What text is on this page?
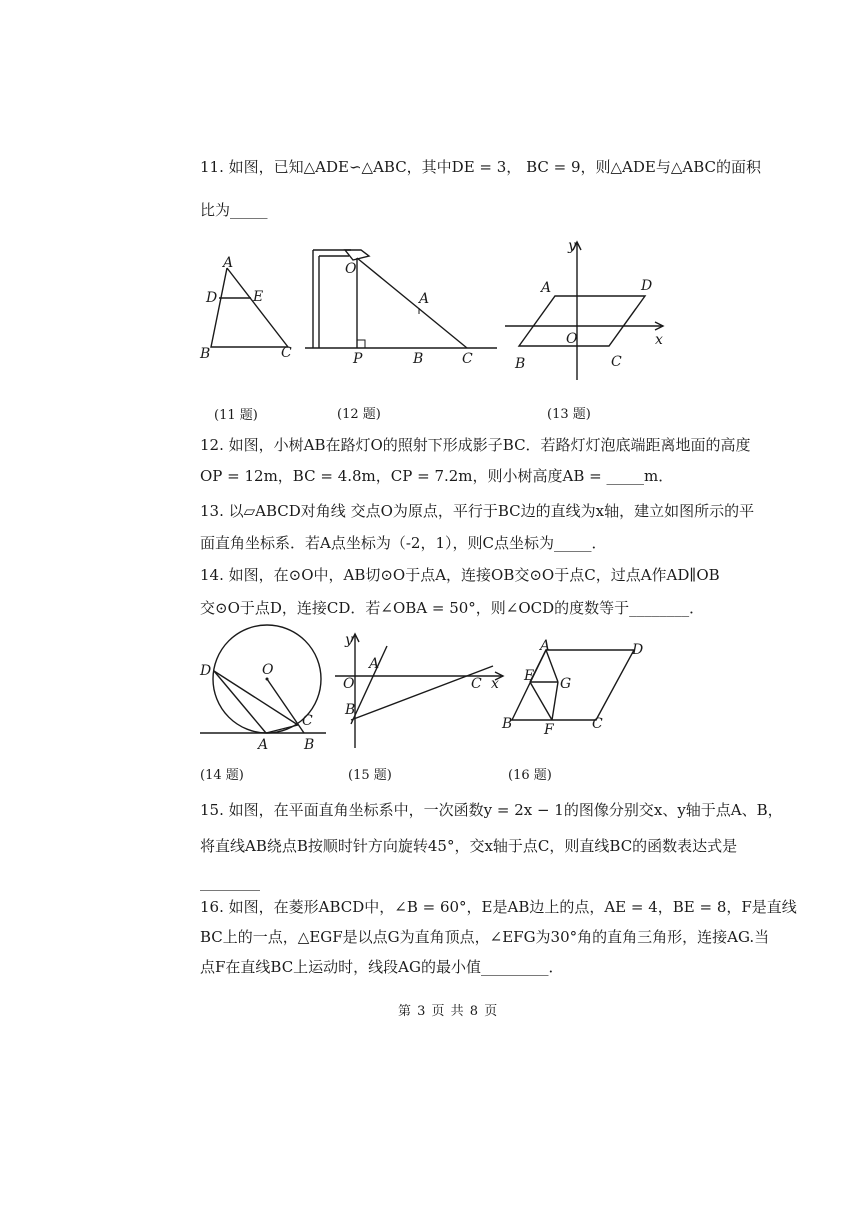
11. 如图，已知△ADE∽△ABC，其中DE = 3， BC = 9，则△ADE与△ABC的面积
比为_____
A
D	E
B	C
O
A
P	B	C
y
x
A	D
O
B	C
(11 题)	(12 题)	(13 题)
12. 如图，小树AB在路灯O的照射下形成影子BC．若路灯灯泡底端距离地面的高度
OP = 12m，BC = 4.8m，CP = 7.2m，则小树高度AB = _____m．
13. 以▱ABCD对角线 交点O为原点，平行于BC边的直线为x轴，建立如图所示的平
面直角坐标系．若A点坐标为（-2，1），则C点坐标为_____．
14. 如图，在⊙O中，AB切⊙O于点A，连接OB交⊙O于点C，过点A作AD∥OB
交⊙O于点D，连接CD．若∠OBA = 50°，则∠OCD的度数等于________．
D	O
C
A	B
y
A
O	C x
B
A	D
E G
B F	C
(14 题)	(15 题)	(16 题)
15. 如图，在平面直角坐标系中，一次函数y = 2x − 1的图像分别交x、y轴于点A、B，
将直线AB绕点B按顺时针方向旋转45°，交x轴于点C，则直线BC的函数表达式是
________
16. 如图，在菱形ABCD中，∠B = 60°，E是AB边上的点，AE = 4，BE = 8，F是直线
BC上的一点，△EGF是以点G为直角顶点，∠EFG为30°角的直角三角形，连接AG.当
点F在直线BC上运动时，线段AG的最小值_________．
第 3 页 共 8 页
